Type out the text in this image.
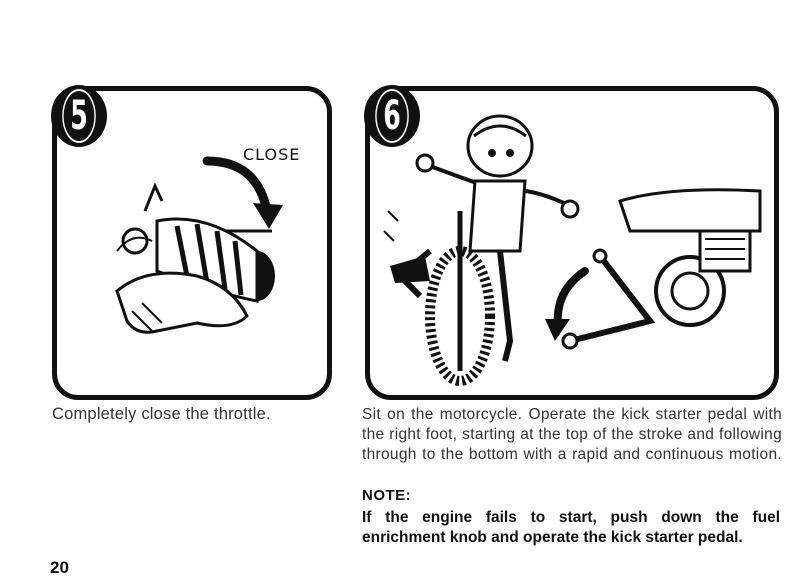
5
CLOSE
6
Completely close the throttle.	Sit on the motorcycle. Operate the kick starter pedal with the right foot, starting at the top of the stroke and following through to the bottom with a rapid and continuous motion.
NOTE:
If the engine fails to start, push down the fuel enrichment knob and operate the kick starter pedal.
20
